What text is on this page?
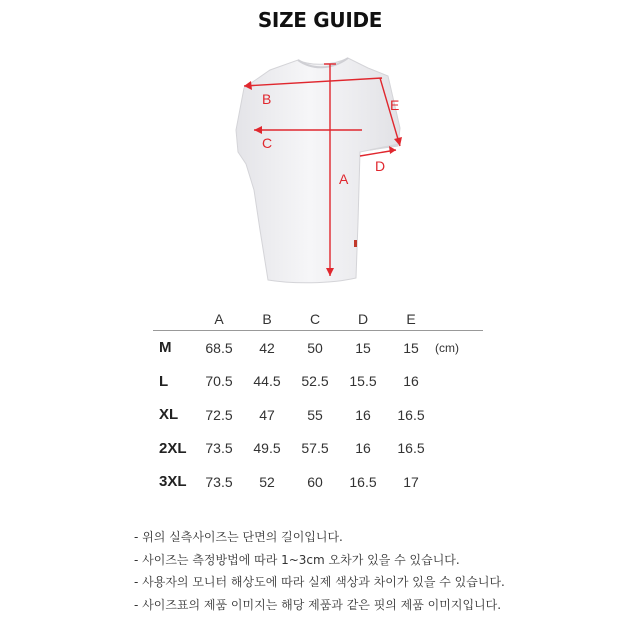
SIZE GUIDE
B
C
A
E
D
	A	B	C	D	E	
M	68.5	42	50	15	15	(cm)
L	70.5	44.5	52.5	15.5	16	
XL	72.5	47	55	16	16.5	
2XL	73.5	49.5	57.5	16	16.5	
3XL	73.5	52	60	16.5	17	
- 위의 실측사이즈는 단면의 길이입니다.
- 사이즈는 측정방법에 따라 1~3cm 오차가 있을 수 있습니다.
- 사용자의 모니터 해상도에 따라 실제 색상과 차이가 있을 수 있습니다.
- 사이즈표의 제품 이미지는 해당 제품과 같은 핏의 제품 이미지입니다.
